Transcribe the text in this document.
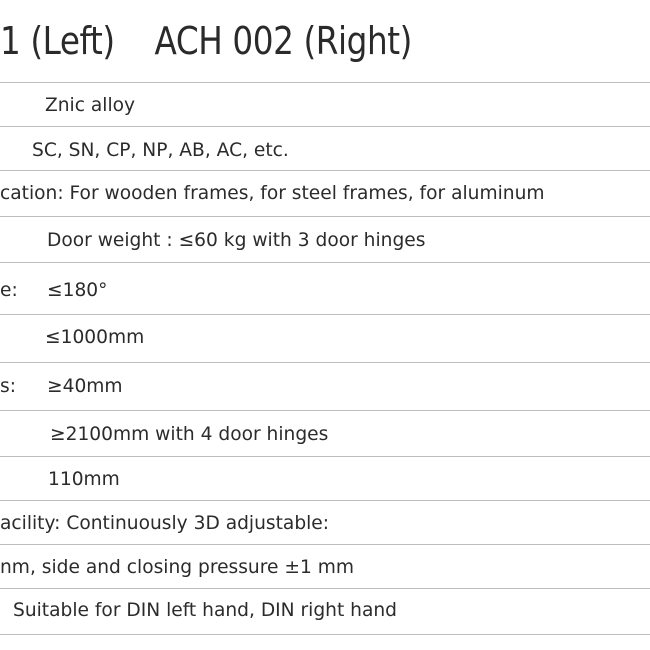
1 (Left)    ACH 002 (Right)
Znic alloy
SC, SN, CP, NP, AB, AC, etc.
cation: For wooden frames, for steel frames, for aluminum
Door weight : ≤60 kg with 3 door hinges
e: ≤180°
≤1000mm
s: ≥40mm
≥2100mm with 4 door hinges
110mm
acility: Continuously 3D adjustable:
nm, side and closing pressure ±1 mm
Suitable for DIN left hand, DIN right hand
